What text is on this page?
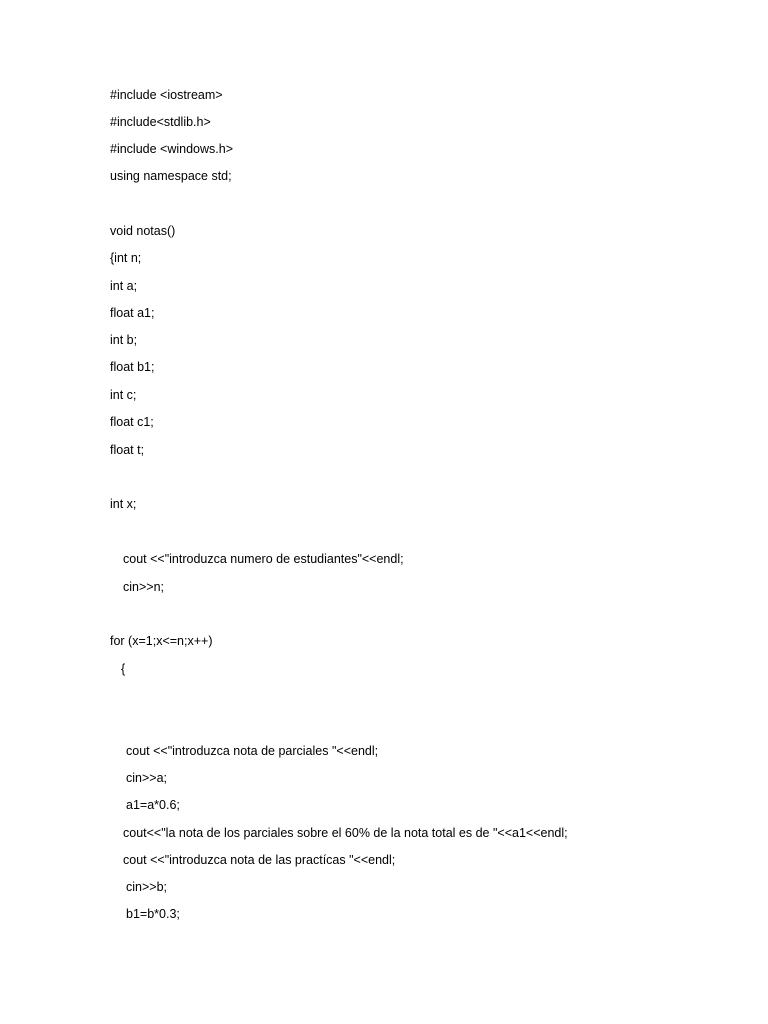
#include <iostream>
#include<stdlib.h>
#include <windows.h>
using namespace std;
void notas()
{int n;
int a;
float a1;
int b;
float b1;
int c;
float c1;
float t;
int x;
cout <<"introduzca numero de estudiantes"<<endl;
cin>>n;
for (x=1;x<=n;x++)
{
cout <<"introduzca nota de parciales "<<endl;
cin>>a;
a1=a*0.6;
cout<<"la nota de los parciales sobre el 60% de la nota total es de "<<a1<<endl;
cout <<"introduzca nota de las practícas "<<endl;
cin>>b;
b1=b*0.3;
